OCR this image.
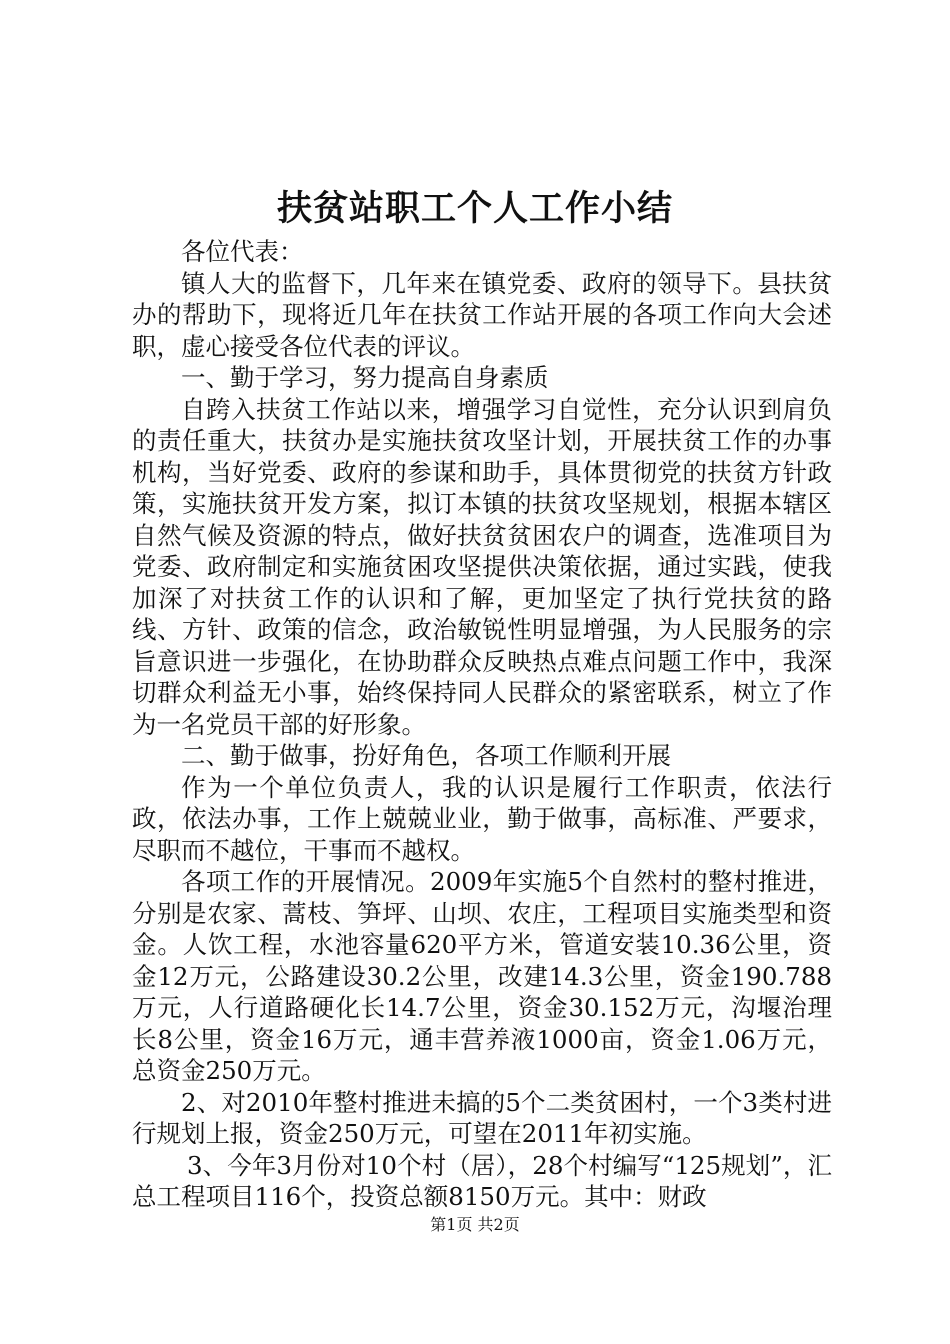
扶贫站职工个人工作小结

各位代表：

镇人大的监督下，几年来在镇党委、政府的领导下。县扶贫办的帮助下，现将近几年在扶贫工作站开展的各项工作向大会述职，虚心接受各位代表的评议。

一、勤于学习，努力提高自身素质

自跨入扶贫工作站以来，增强学习自觉性，充分认识到肩负的责任重大，扶贫办是实施扶贫攻坚计划，开展扶贫工作的办事机构，当好党委、政府的参谋和助手，具体贯彻党的扶贫方针政策，实施扶贫开发方案，拟订本镇的扶贫攻坚规划，根据本辖区自然气候及资源的特点，做好扶贫贫困农户的调查，选准项目为党委、政府制定和实施贫困攻坚提供决策依据，通过实践，使我加深了对扶贫工作的认识和了解，更加坚定了执行党扶贫的路线、方针、政策的信念，政治敏锐性明显增强，为人民服务的宗旨意识进一步强化，在协助群众反映热点难点问题工作中，我深切群众利益无小事，始终保持同人民群众的紧密联系，树立了作为一名党员干部的好形象。

二、勤于做事，扮好角色，各项工作顺利开展

作为一个单位负责人，我的认识是履行工作职责，依法行政，依法办事，工作上兢兢业业，勤于做事，高标准、严要求，尽职而不越位，干事而不越权。

各项工作的开展情况。2009年实施5个自然村的整村推进，分别是农家、蒿枝、笋坪、山坝、农庄，工程项目实施类型和资金。人饮工程，水池容量620平方米，管道安装10.36公里，资金12万元，公路建设30.2公里，改建14.3公里，资金190.788万元，人行道路硬化长14.7公里，资金30.152万元，沟堰治理长8公里，资金16万元，通丰营养液1000亩，资金1.06万元，总资金250万元。

2、对2010年整村推进未搞的5个二类贫困村，一个3类村进行规划上报，资金250万元，可望在2011年初实施。

3、今年3月份对10个村（居），28个村编写“125规划”，汇总工程项目116个，投资总额8150万元。其中：财政

第1页 共2页
